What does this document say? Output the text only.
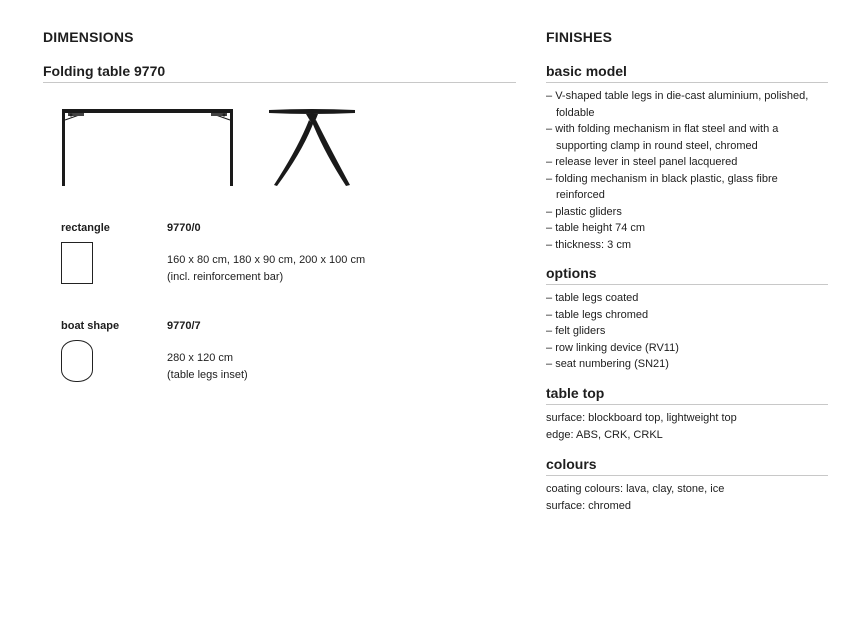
DIMENSIONS
Folding table 9770
rectangle	9770/0
160 x 80 cm, 180 x 90 cm, 200 x 100 cm
(incl. reinforcement bar)
boat shape	9770/7
280 x 120 cm
(table legs inset)
FINISHES
basic model
– V-shaped table legs in die-cast aluminium, polished, foldable
– with folding mechanism in flat steel and with a supporting clamp in round steel, chromed
– release lever in steel panel lacquered
– folding mechanism in black plastic, glass fibre reinforced
– plastic gliders
– table height 74 cm
– thickness: 3 cm
options
– table legs coated
– table legs chromed
– felt gliders
– row linking device (RV11)
– seat numbering (SN21)
table top
surface: blockboard top, lightweight top
edge: ABS, CRK, CRKL
colours
coating colours: lava, clay, stone, ice
surface: chromed
